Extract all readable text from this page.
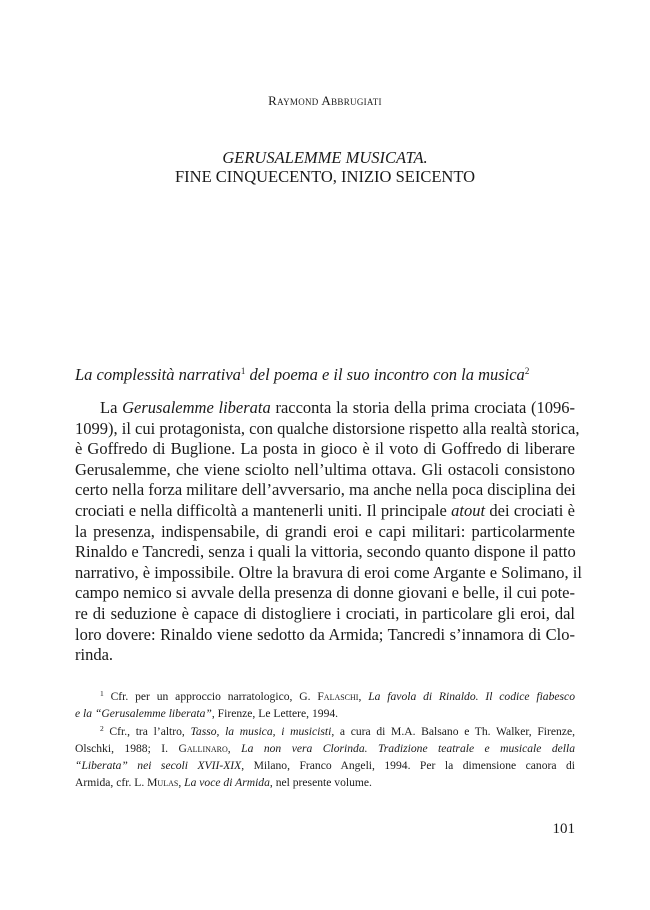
Raymond Abbrugiati
GERUSALEMME MUSICATA.
FINE CINQUECENTO, INIZIO SEICENTO
La complessità narrativa$^1$ del poema e il suo incontro con la musica$^2$
La Gerusalemme liberata racconta la storia della prima crociata (1096-
1099), il cui protagonista, con qualche distorsione rispetto alla realtà storica,
è Goffredo di Buglione. La posta in gioco è il voto di Goffredo di liberare
Gerusalemme, che viene sciolto nell’ultima ottava. Gli ostacoli consistono
certo nella forza militare dell’avversario, ma anche nella poca disciplina dei
crociati e nella difficoltà a mantenerli uniti. Il principale atout dei crociati è
la presenza, indispensabile, di grandi eroi e capi militari: particolarmente
Rinaldo e Tancredi, senza i quali la vittoria, secondo quanto dispone il patto
narrativo, è impossibile. Oltre la bravura di eroi come Argante e Solimano, il
campo nemico si avvale della presenza di donne giovani e belle, il cui pote-
re di seduzione è capace di distogliere i crociati, in particolare gli eroi, dal
loro dovere: Rinaldo viene sedotto da Armida; Tancredi s’innamora di Clo-
rinda.
$^1$ Cfr. per un approccio narratologico, G. Falaschi, La favola di Rinaldo. Il codice fiabesco
e la “Gerusalemme liberata”, Firenze, Le Lettere, 1994.
$^2$ Cfr., tra l’altro, Tasso, la musica, i musicisti, a cura di M.A. Balsano e Th. Walker, Firenze,
Olschki, 1988; I. Gallinaro, La non vera Clorinda. Tradizione teatrale e musicale della
“Liberata” nei secoli XVII-XIX, Milano, Franco Angeli, 1994. Per la dimensione canora di
Armida, cfr. L. Mulas, La voce di Armida, nel presente volume.
101
